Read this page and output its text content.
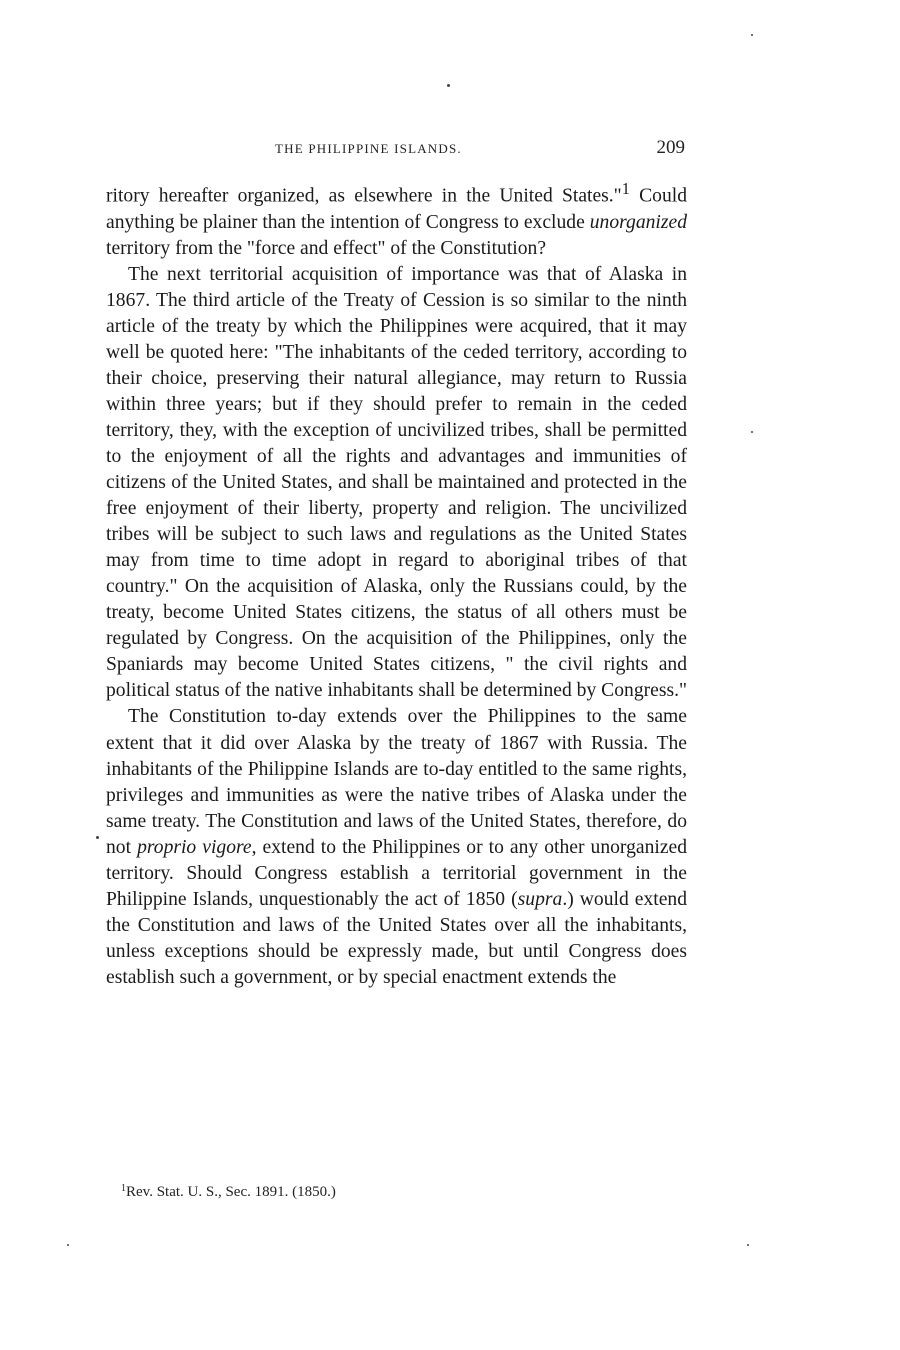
THE PHILIPPINE ISLANDS.	209

ritory hereafter organized, as elsewhere in the United States."$^1$ Could anything be plainer than the intention of Congress to exclude unorganized territory from the "force and effect" of the Constitution?

The next territorial acquisition of importance was that of Alaska in 1867. The third article of the Treaty of Cession is so similar to the ninth article of the treaty by which the Philippines were acquired, that it may well be quoted here: "The inhabitants of the ceded territory, according to their choice, preserving their natural allegiance, may return to Russia within three years; but if they should prefer to remain in the ceded territory, they, with the exception of uncivilized tribes, shall be permitted to the enjoyment of all the rights and advantages and immunities of citizens of the United States, and shall be maintained and protected in the free enjoyment of their liberty, property and religion. The uncivilized tribes will be subject to such laws and regulations as the United States may from time to time adopt in regard to aboriginal tribes of that country." On the acquisition of Alaska, only the Russians could, by the treaty, become United States citizens, the status of all others must be regulated by Congress. On the acquisition of the Philippines, only the Spaniards may become United States citizens, " the civil rights and political status of the native inhabitants shall be determined by Congress."

The Constitution to-day extends over the Philippines to the same extent that it did over Alaska by the treaty of 1867 with Russia. The inhabitants of the Philippine Islands are to-day entitled to the same rights, privileges and immunities as were the native tribes of Alaska under the same treaty. The Constitution and laws of the United States, therefore, do not proprio vigore, extend to the Philippines or to any other unorganized territory. Should Congress establish a territorial government in the Philippine Islands, unquestionably the act of 1850 (supra.) would extend the Constitution and laws of the United States over all the inhabitants, unless exceptions should be expressly made, but until Congress does establish such a government, or by special enactment extends the

$^1$Rev. Stat. U. S., Sec. 1891. (1850.)
